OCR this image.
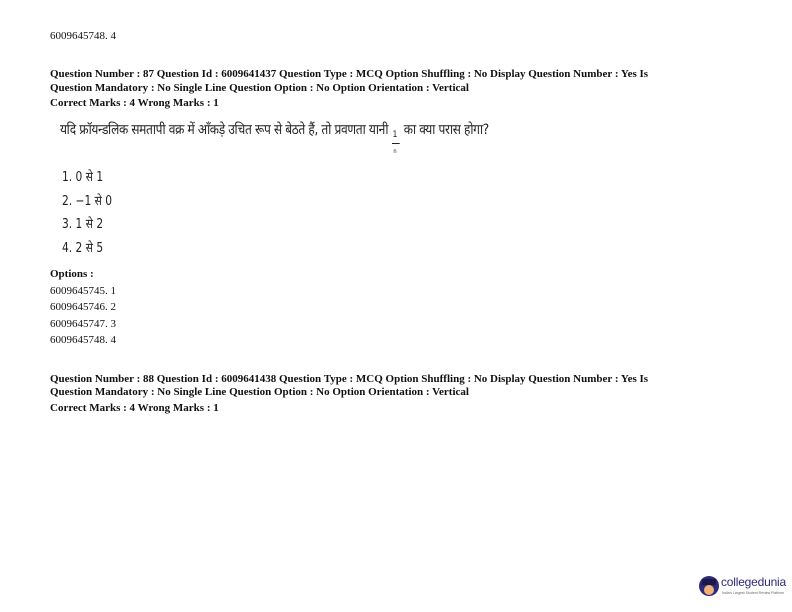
6009645748. 4
Question Number : 87 Question Id : 6009641437 Question Type : MCQ Option Shuffling : No Display Question Number : Yes Is
Question Mandatory : No Single Line Question Option : No Option Orientation : Vertical
Correct Marks : 4 Wrong Marks : 1
यदि फ्रॉयन्डलिक समतापी वक्र में आँकड़े उचित रूप से बेठते हैं, तो प्रवणता यानी
$\frac{1}{n}$
का क्या परास होगा?
1. 0 से 1
2. −1 से 0
3. 1 से 2
4. 2 से 5
Options :
6009645745. 1
6009645746. 2
6009645747. 3
6009645748. 4
Question Number : 88 Question Id : 6009641438 Question Type : MCQ Option Shuffling : No Display Question Number : Yes Is
Question Mandatory : No Single Line Question Option : No Option Orientation : Vertical
Correct Marks : 4 Wrong Marks : 1
collegedunia
India's Largest Student Review Platform
